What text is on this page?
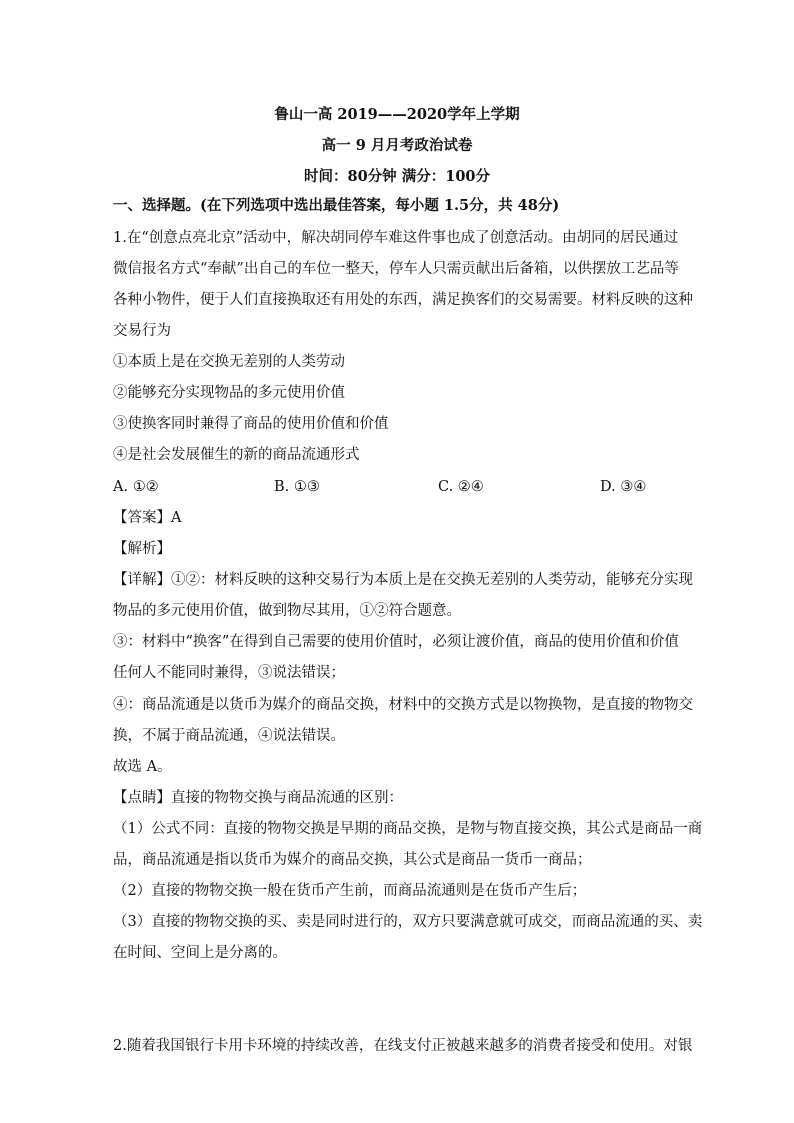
鲁山一高 2019——2020学年上学期
高一 9 月月考政治试卷
时间：80分钟 满分：100分
一、选择题。(在下列选项中选出最佳答案，每小题 1.5分，共 48分)
1.在“创意点亮北京”活动中，解决胡同停车难这件事也成了创意活动。由胡同的居民通过
微信报名方式“奉献”出自己的车位一整天，停车人只需贡献出后备箱，以供摆放工艺品等
各种小物件，便于人们直接换取还有用处的东西，满足换客们的交易需要。材料反映的这种
交易行为
①本质上是在交换无差别的人类劳动
②能够充分实现物品的多元使用价值
③使换客同时兼得了商品的使用价值和价值
④是社会发展催生的新的商品流通形式
A. ①②	B. ①③	C. ②④	D. ③④
【答案】A
【解析】
【详解】①②：材料反映的这种交易行为本质上是在交换无差别的人类劳动，能够充分实现
物品的多元使用价值，做到物尽其用，①②符合题意。
③：材料中“换客”在得到自己需要的使用价值时，必须让渡价值，商品的使用价值和价值
任何人不能同时兼得，③说法错误；
④：商品流通是以货币为媒介的商品交换，材料中的交换方式是以物换物，是直接的物物交
换，不属于商品流通，④说法错误。
故选 A。
【点睛】直接的物物交换与商品流通的区别：
（1）公式不同：直接的物物交换是早期的商品交换，是物与物直接交换，其公式是商品一商
品，商品流通是指以货币为媒介的商品交换，其公式是商品一货币一商品；
（2）直接的物物交换一般在货币产生前，而商品流通则是在货币产生后；
（3）直接的物物交换的买、卖是同时进行的，双方只要满意就可成交，而商品流通的买、卖
在时间、空间上是分离的。
2.随着我国银行卡用卡环境的持续改善，在线支付正被越来越多的消费者接受和使用。对银
